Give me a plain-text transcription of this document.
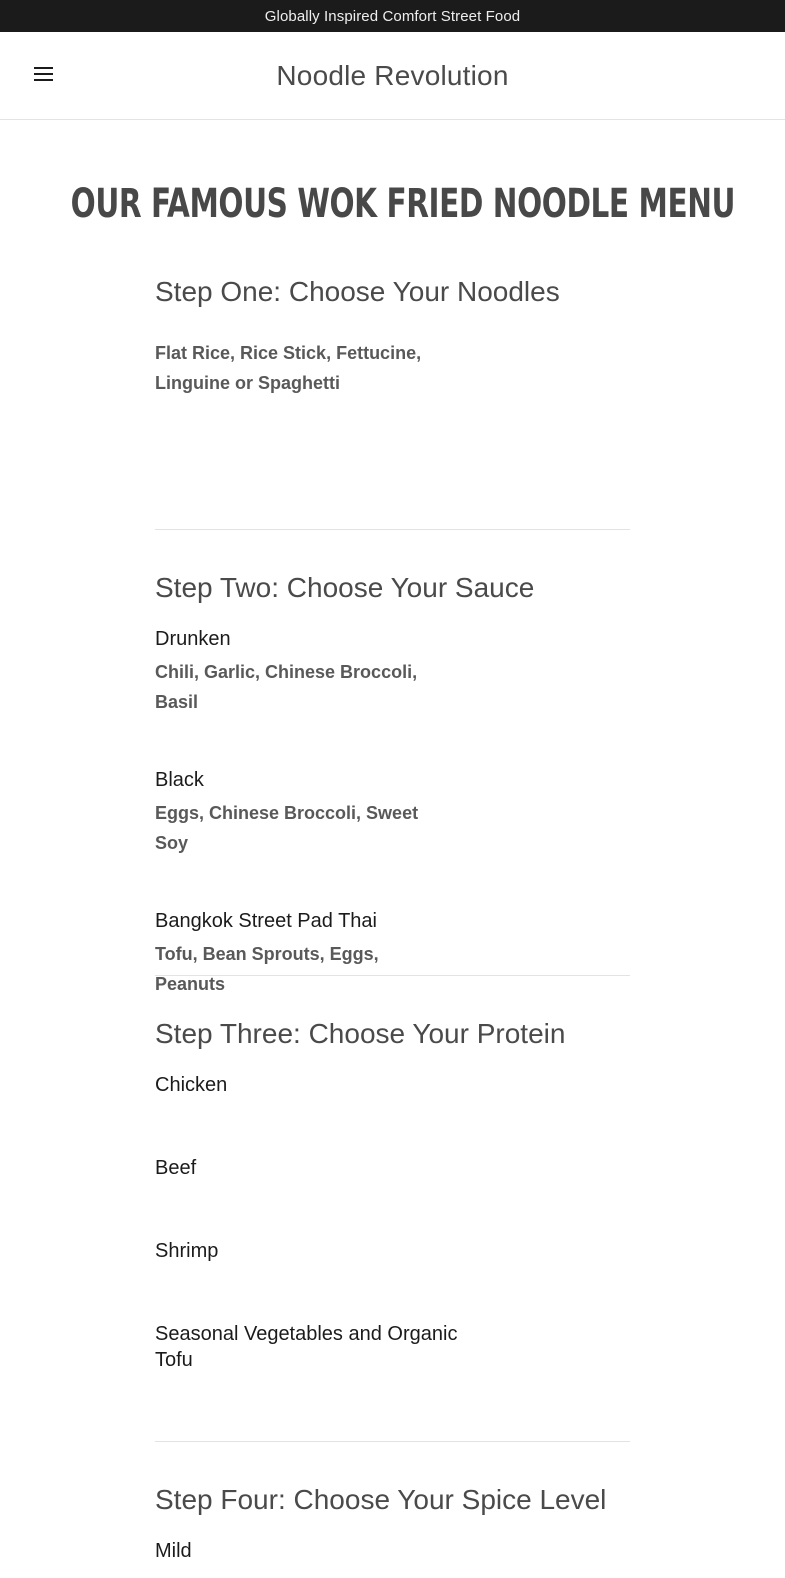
Globally Inspired Comfort Street Food
Noodle Revolution
OUR FAMOUS WOK FRIED NOODLE MENU
Step One: Choose Your Noodles

Flat Rice, Rice Stick, Fettucine, Linguine or Spaghetti

Step Two: Choose Your Sauce

Drunken

Chili, Garlic, Chinese Broccoli, Basil

Black

Eggs, Chinese Broccoli, Sweet Soy

Bangkok Street Pad Thai

Tofu, Bean Sprouts, Eggs, Peanuts

Step Three: Choose Your Protein

Chicken

Beef

Shrimp

Seasonal Vegetables and Organic Tofu

Step Four: Choose Your Spice Level

Mild
